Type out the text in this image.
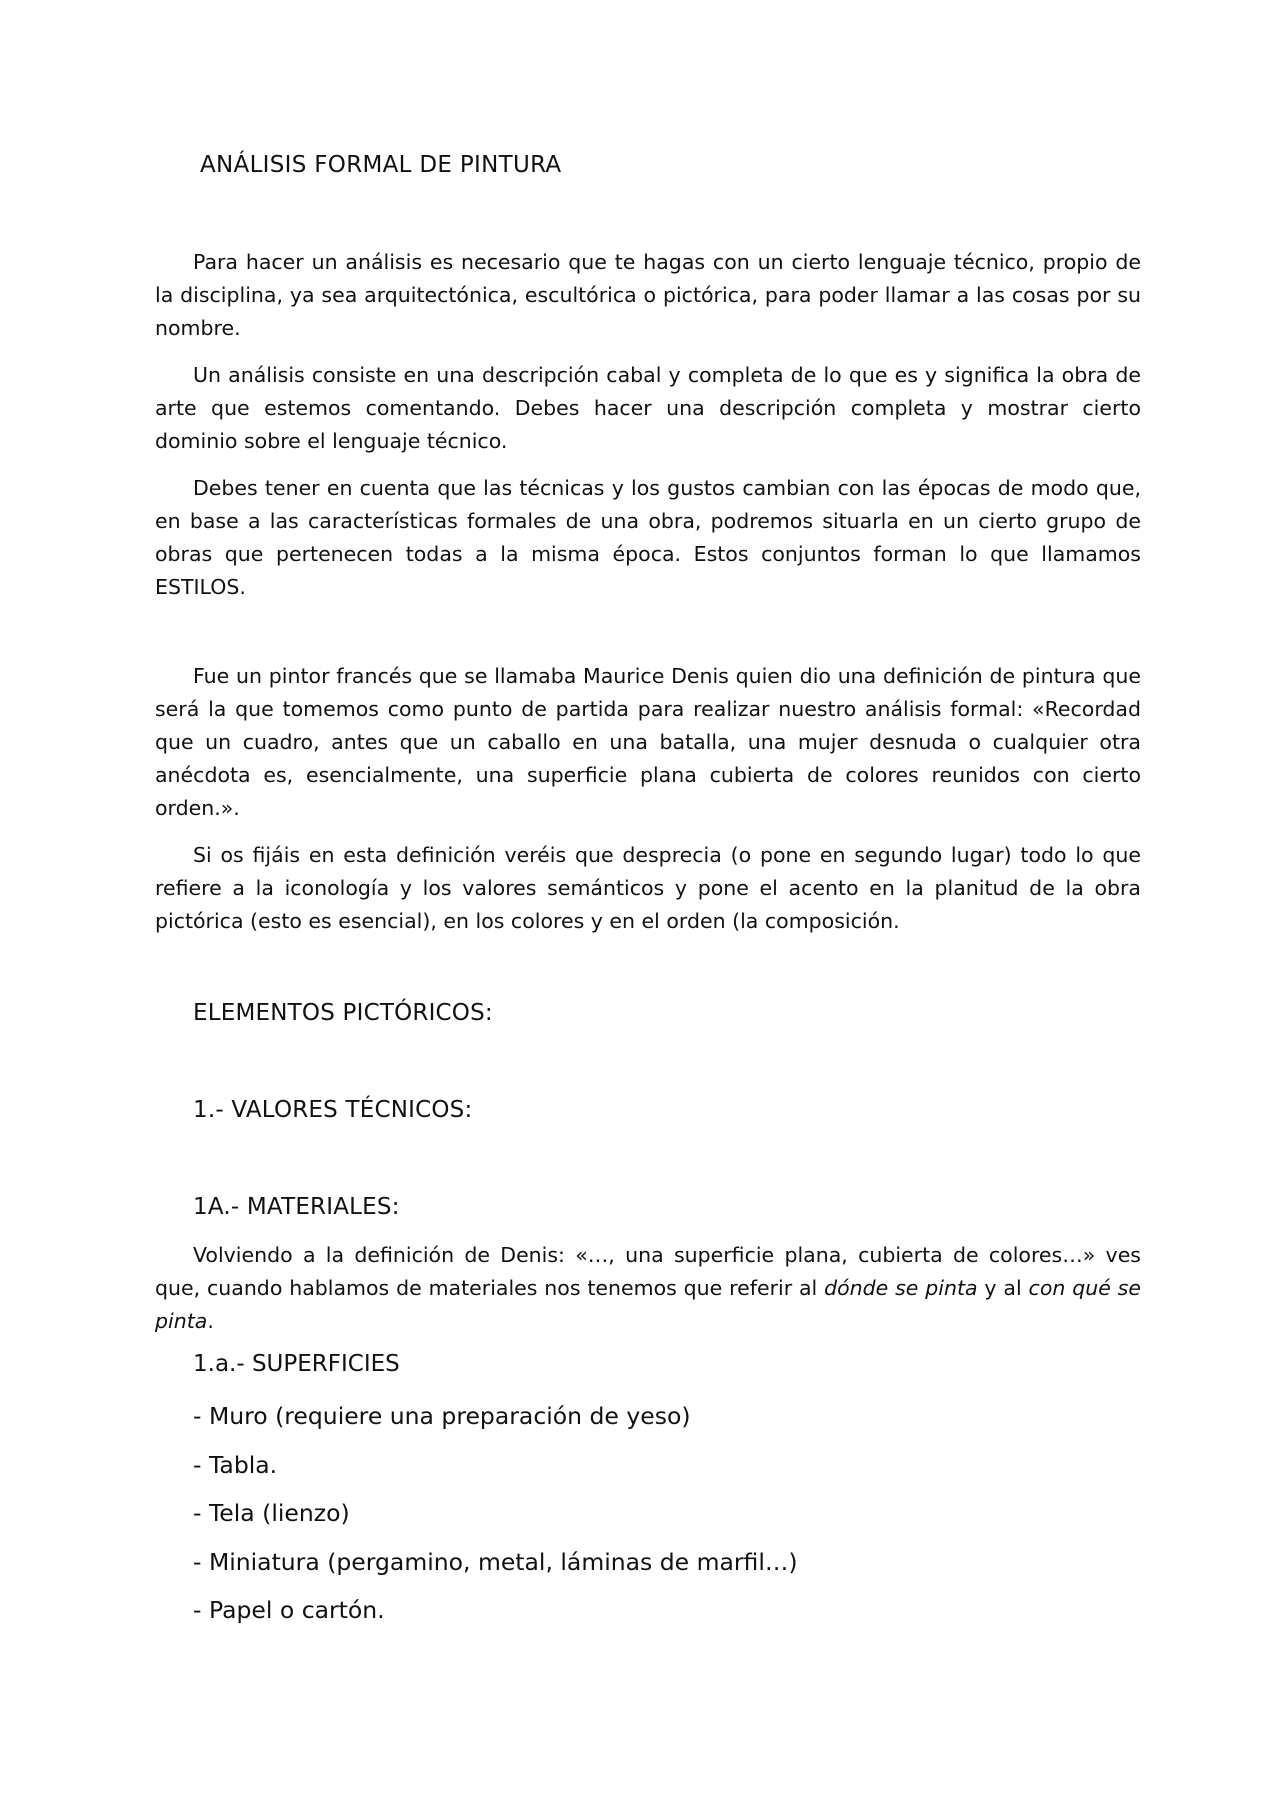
ANÁLISIS FORMAL DE PINTURA

Para hacer un análisis es necesario que te hagas con un cierto lenguaje técnico, propio de la disciplina, ya sea arquitectónica, escultórica o pictórica, para poder llamar a las cosas por su nombre.

Un análisis consiste en una descripción cabal y completa de lo que es y significa la obra de arte que estemos comentando. Debes hacer una descripción completa y mostrar cierto dominio sobre el lenguaje técnico.

Debes tener en cuenta que las técnicas y los gustos cambian con las épocas de modo que, en base a las características formales de una obra, podremos situarla en un cierto grupo de obras que pertenecen todas a la misma época. Estos conjuntos forman lo que llamamos ESTILOS.

Fue un pintor francés que se llamaba Maurice Denis quien dio una definición de pintura que será la que tomemos como punto de partida para realizar nuestro análisis formal: «Recordad que un cuadro, antes que un caballo en una batalla, una mujer desnuda o cualquier otra anécdota es, esencialmente, una superficie plana cubierta de colores reunidos con cierto orden.».

Si os fijáis en esta definición veréis que desprecia (o pone en segundo lugar) todo lo que refiere a la iconología y los valores semánticos y pone el acento en la planitud de la obra pictórica (esto es esencial), en los colores y en el orden (la composición.

ELEMENTOS PICTÓRICOS:
1.- VALORES TÉCNICOS:
1A.- MATERIALES:

Volviendo a la definición de Denis: «…, una superficie plana, cubierta de colores…» ves que, cuando hablamos de materiales nos tenemos que referir al dónde se pinta y al con qué se pinta.

1.a.- SUPERFICIES
- Muro (requiere una preparación de yeso)
- Tabla.
- Tela (lienzo)
- Miniatura (pergamino, metal, láminas de marfil…)
- Papel o cartón.
